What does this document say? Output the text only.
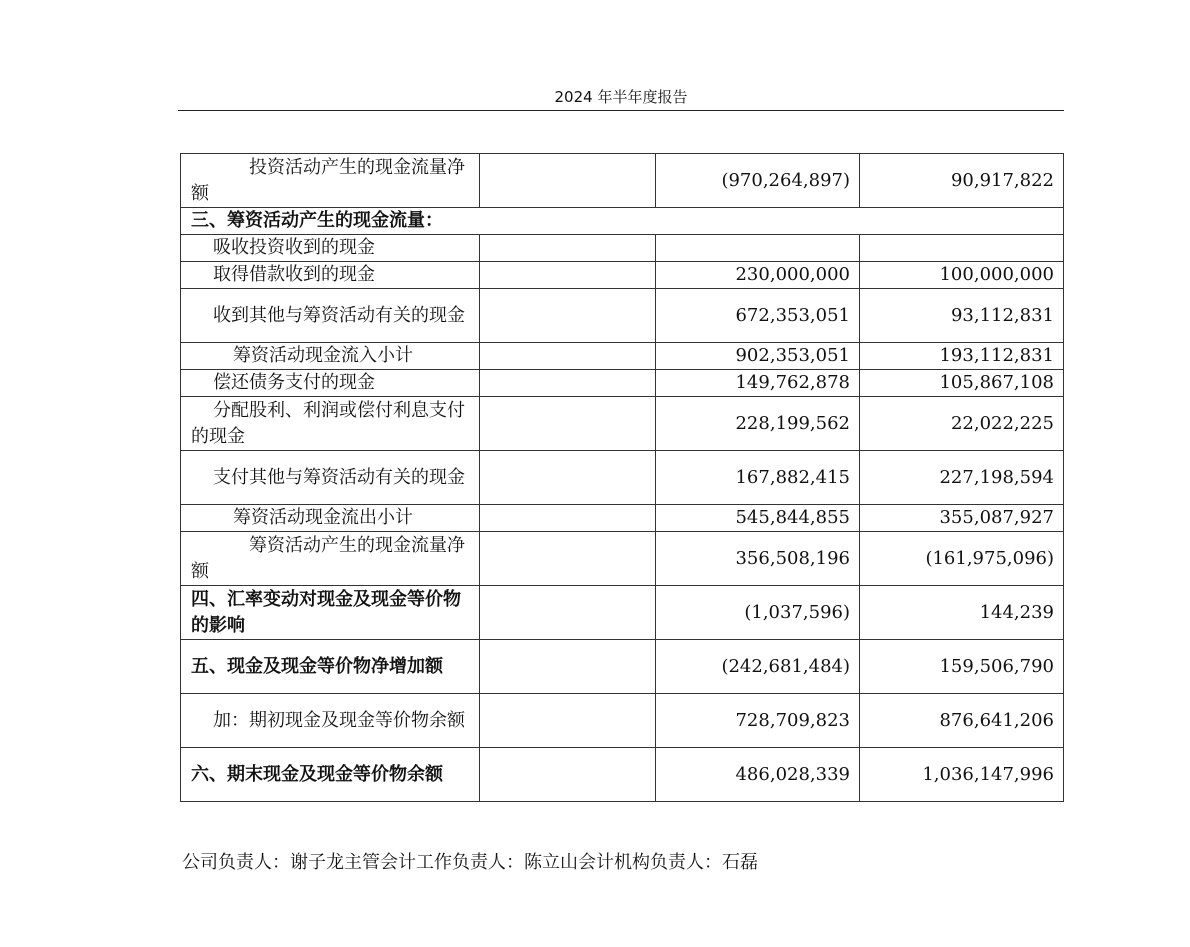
2024 年半年度报告
投资活动产生的现金流量净额		(970,264,897)	90,917,822
三、筹资活动产生的现金流量：			
吸收投资收到的现金			
取得借款收到的现金		230,000,000	100,000,000
收到其他与筹资活动有关的现金		672,353,051	93,112,831
筹资活动现金流入小计		902,353,051	193,112,831
偿还债务支付的现金		149,762,878	105,867,108
分配股利、利润或偿付利息支付的现金		228,199,562	22,022,225
支付其他与筹资活动有关的现金		167,882,415	227,198,594
筹资活动现金流出小计		545,844,855	355,087,927
筹资活动产生的现金流量净额		356,508,196	(161,975,096)
四、汇率变动对现金及现金等价物的影响		(1,037,596)	144,239
五、现金及现金等价物净增加额		(242,681,484)	159,506,790
加：期初现金及现金等价物余额		728,709,823	876,641,206
六、期末现金及现金等价物余额		486,028,339	1,036,147,996
公司负责人：谢子龙主管会计工作负责人：陈立山会计机构负责人：石磊
